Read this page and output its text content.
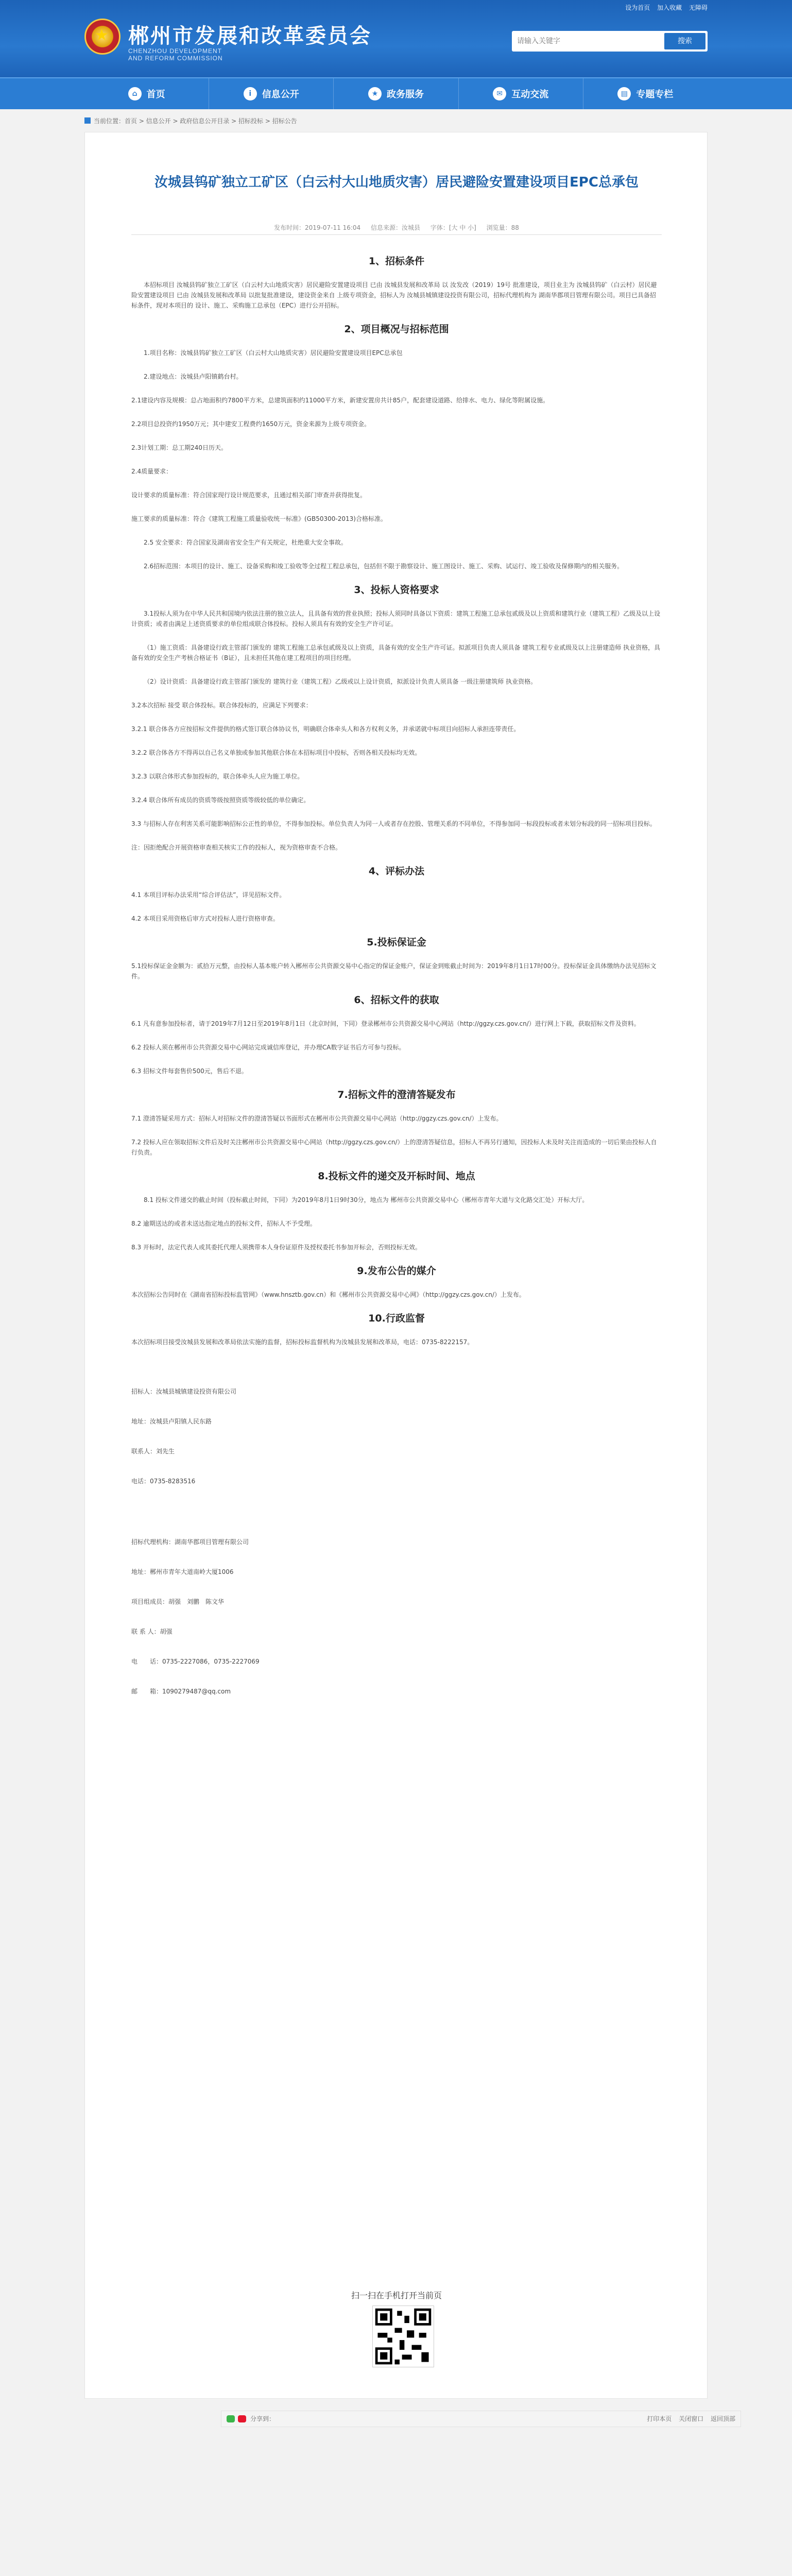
★ 郴州市发展和改革委员会
CHENZHOU DEVELOPMENT
AND REFORM COMMISSION
设为首页 加入收藏 无障碍
请输入关键字
搜索
⌂ 首页	i	信息公开	★ 政务服务	✉ 互动交流	▤ 专题专栏
当前位置：首页 > 信息公开 > 政府信息公开目录 > 招标投标 > 招标公告
汝城县钨矿独立工矿区（白云村大山地质灾害）居民避险安置建设项目EPC总承包
发布时间：2019-07-11 16:04 信息来源：汝城县 字体：[大 中 小] 浏览量：88
1、招标条件
本招标项目 汝城县钨矿独立工矿区（白云村大山地质灾害）居民避险安置建设项目 已由 汝城县发展和改革局 以 汝发改（2019）19号 批准建设，项目业主为 汝城县钨矿（白云村）居民避险安置建设项目 已由 汝城县发展和改革局 以批复批准建设，建设资金来自 上级专项资金，招标人为 汝城县城镇建设投资有限公司，招标代理机构为 湖南华郡项目管理有限公司。项目已具备招标条件，现对本项目的 设计、施工、采购施工总承包（EPC）进行公开招标。
2、项目概况与招标范围
1.项目名称：汝城县钨矿独立工矿区（白云村大山地质灾害）居民避险安置建设项目EPC总承包
2.建设地点：汝城县卢阳镇鹤台村。
2.1建设内容及规模：总占地面积约7800平方米，总建筑面积约11000平方米，新建安置房共计85户，配套建设道路、给排水、电力、绿化等附属设施。
2.2项目总投资约1950万元；其中建安工程费约1650万元，资金来源为上级专项资金。
2.3计划工期：总工期240日历天。
2.4质量要求：
设计要求的质量标准：符合国家现行设计规范要求，且通过相关部门审查并获得批复。
施工要求的质量标准：符合《建筑工程施工质量验收统一标准》(GB50300-2013)合格标准。
2.5 安全要求：符合国家及湖南省安全生产有关规定，杜绝重大安全事故。
2.6招标范围：本项目的设计、施工、设备采购和竣工验收等全过程工程总承包，包括但不限于勘察设计、施工图设计、施工、采购、试运行、竣工验收及保修期内的相关服务。
3、投标人资格要求
3.1投标人须为在中华人民共和国境内依法注册的独立法人，且具备有效的营业执照；投标人须同时具备以下资质：建筑工程施工总承包贰级及以上资质和建筑行业（建筑工程）乙级及以上设计资质；或者由满足上述资质要求的单位组成联合体投标。投标人须具有有效的安全生产许可证。
（1）施工资质：具备建设行政主管部门颁发的 建筑工程施工总承包贰级及以上资质，具备有效的安全生产许可证。拟派项目负责人须具备 建筑工程专业贰级及以上注册建造师 执业资格，具备有效的安全生产考核合格证书（B证），且未担任其他在建工程项目的项目经理。
（2）设计资质：具备建设行政主管部门颁发的 建筑行业（建筑工程）乙级或以上设计资质，拟派设计负责人须具备 一级注册建筑师 执业资格。
3.2本次招标 接受 联合体投标。联合体投标的，应满足下列要求：
3.2.1 联合体各方应按招标文件提供的格式签订联合体协议书，明确联合体牵头人和各方权利义务，并承诺就中标项目向招标人承担连带责任。
3.2.2 联合体各方不得再以自己名义单独或参加其他联合体在本招标项目中投标，否则各相关投标均无效。
3.2.3 以联合体形式参加投标的，联合体牵头人应为施工单位。
3.2.4 联合体所有成员的资质等级按照资质等级较低的单位确定。
3.3 与招标人存在利害关系可能影响招标公正性的单位，不得参加投标。单位负责人为同一人或者存在控股、管理关系的不同单位，不得参加同一标段投标或者未划分标段的同一招标项目投标。
注：因拒绝配合开展资格审查相关核实工作的投标人，视为资格审查不合格。
4、评标办法
4.1 本项目评标办法采用“综合评估法”，详见招标文件。
4.2 本项目采用资格后审方式对投标人进行资格审查。
5.投标保证金
5.1投标保证金金额为：贰拾万元整，由投标人基本账户转入郴州市公共资源交易中心指定的保证金账户，保证金到账截止时间为：2019年8月1日17时00分。投标保证金具体缴纳办法见招标文件。
6、招标文件的获取
6.1 凡有意参加投标者，请于2019年7月12日至2019年8月1日（北京时间，下同）登录郴州市公共资源交易中心网站（http://ggzy.czs.gov.cn/）进行网上下载，获取招标文件及资料。
6.2 投标人须在郴州市公共资源交易中心网站完成诚信库登记，并办理CA数字证书后方可参与投标。
6.3 招标文件每套售价500元，售后不退。
7.招标文件的澄清答疑发布
7.1 澄清答疑采用方式：招标人对招标文件的澄清答疑以书面形式在郴州市公共资源交易中心网站（http://ggzy.czs.gov.cn/）上发布。
7.2 投标人应在领取招标文件后及时关注郴州市公共资源交易中心网站（http://ggzy.czs.gov.cn/）上的澄清答疑信息，招标人不再另行通知，因投标人未及时关注而造成的一切后果由投标人自行负责。
8.投标文件的递交及开标时间、地点
8.1 投标文件递交的截止时间（投标截止时间，下同）为2019年8月1日9时30分，地点为 郴州市公共资源交易中心（郴州市青年大道与文化路交汇处）开标大厅。
8.2 逾期送达的或者未送达指定地点的投标文件，招标人不予受理。
8.3 开标时，法定代表人或其委托代理人须携带本人身份证原件及授权委托书参加开标会，否则投标无效。
9.发布公告的媒介
本次招标公告同时在《湖南省招标投标监管网》（www.hnsztb.gov.cn）和《郴州市公共资源交易中心网》（http://ggzy.czs.gov.cn/）上发布。
10.行政监督
本次招标项目接受汝城县发展和改革局依法实施的监督，招标投标监督机构为汝城县发展和改革局，电话：0735-8222157。
招标人：汝城县城镇建设投资有限公司
地址：汝城县卢阳镇人民东路
联系人：刘先生
电话：0735-8283516
招标代理机构：湖南华郡项目管理有限公司
地址：郴州市青年大道南岭大厦1006
项目组成员：胡强　刘鹏　陈文华
联 系 人：胡强
电　　话：0735-2227086，0735-2227069
邮　　箱：1090279487@qq.com
扫一扫在手机打开当前页
分享到：	打印本页 关闭窗口 返回顶部
